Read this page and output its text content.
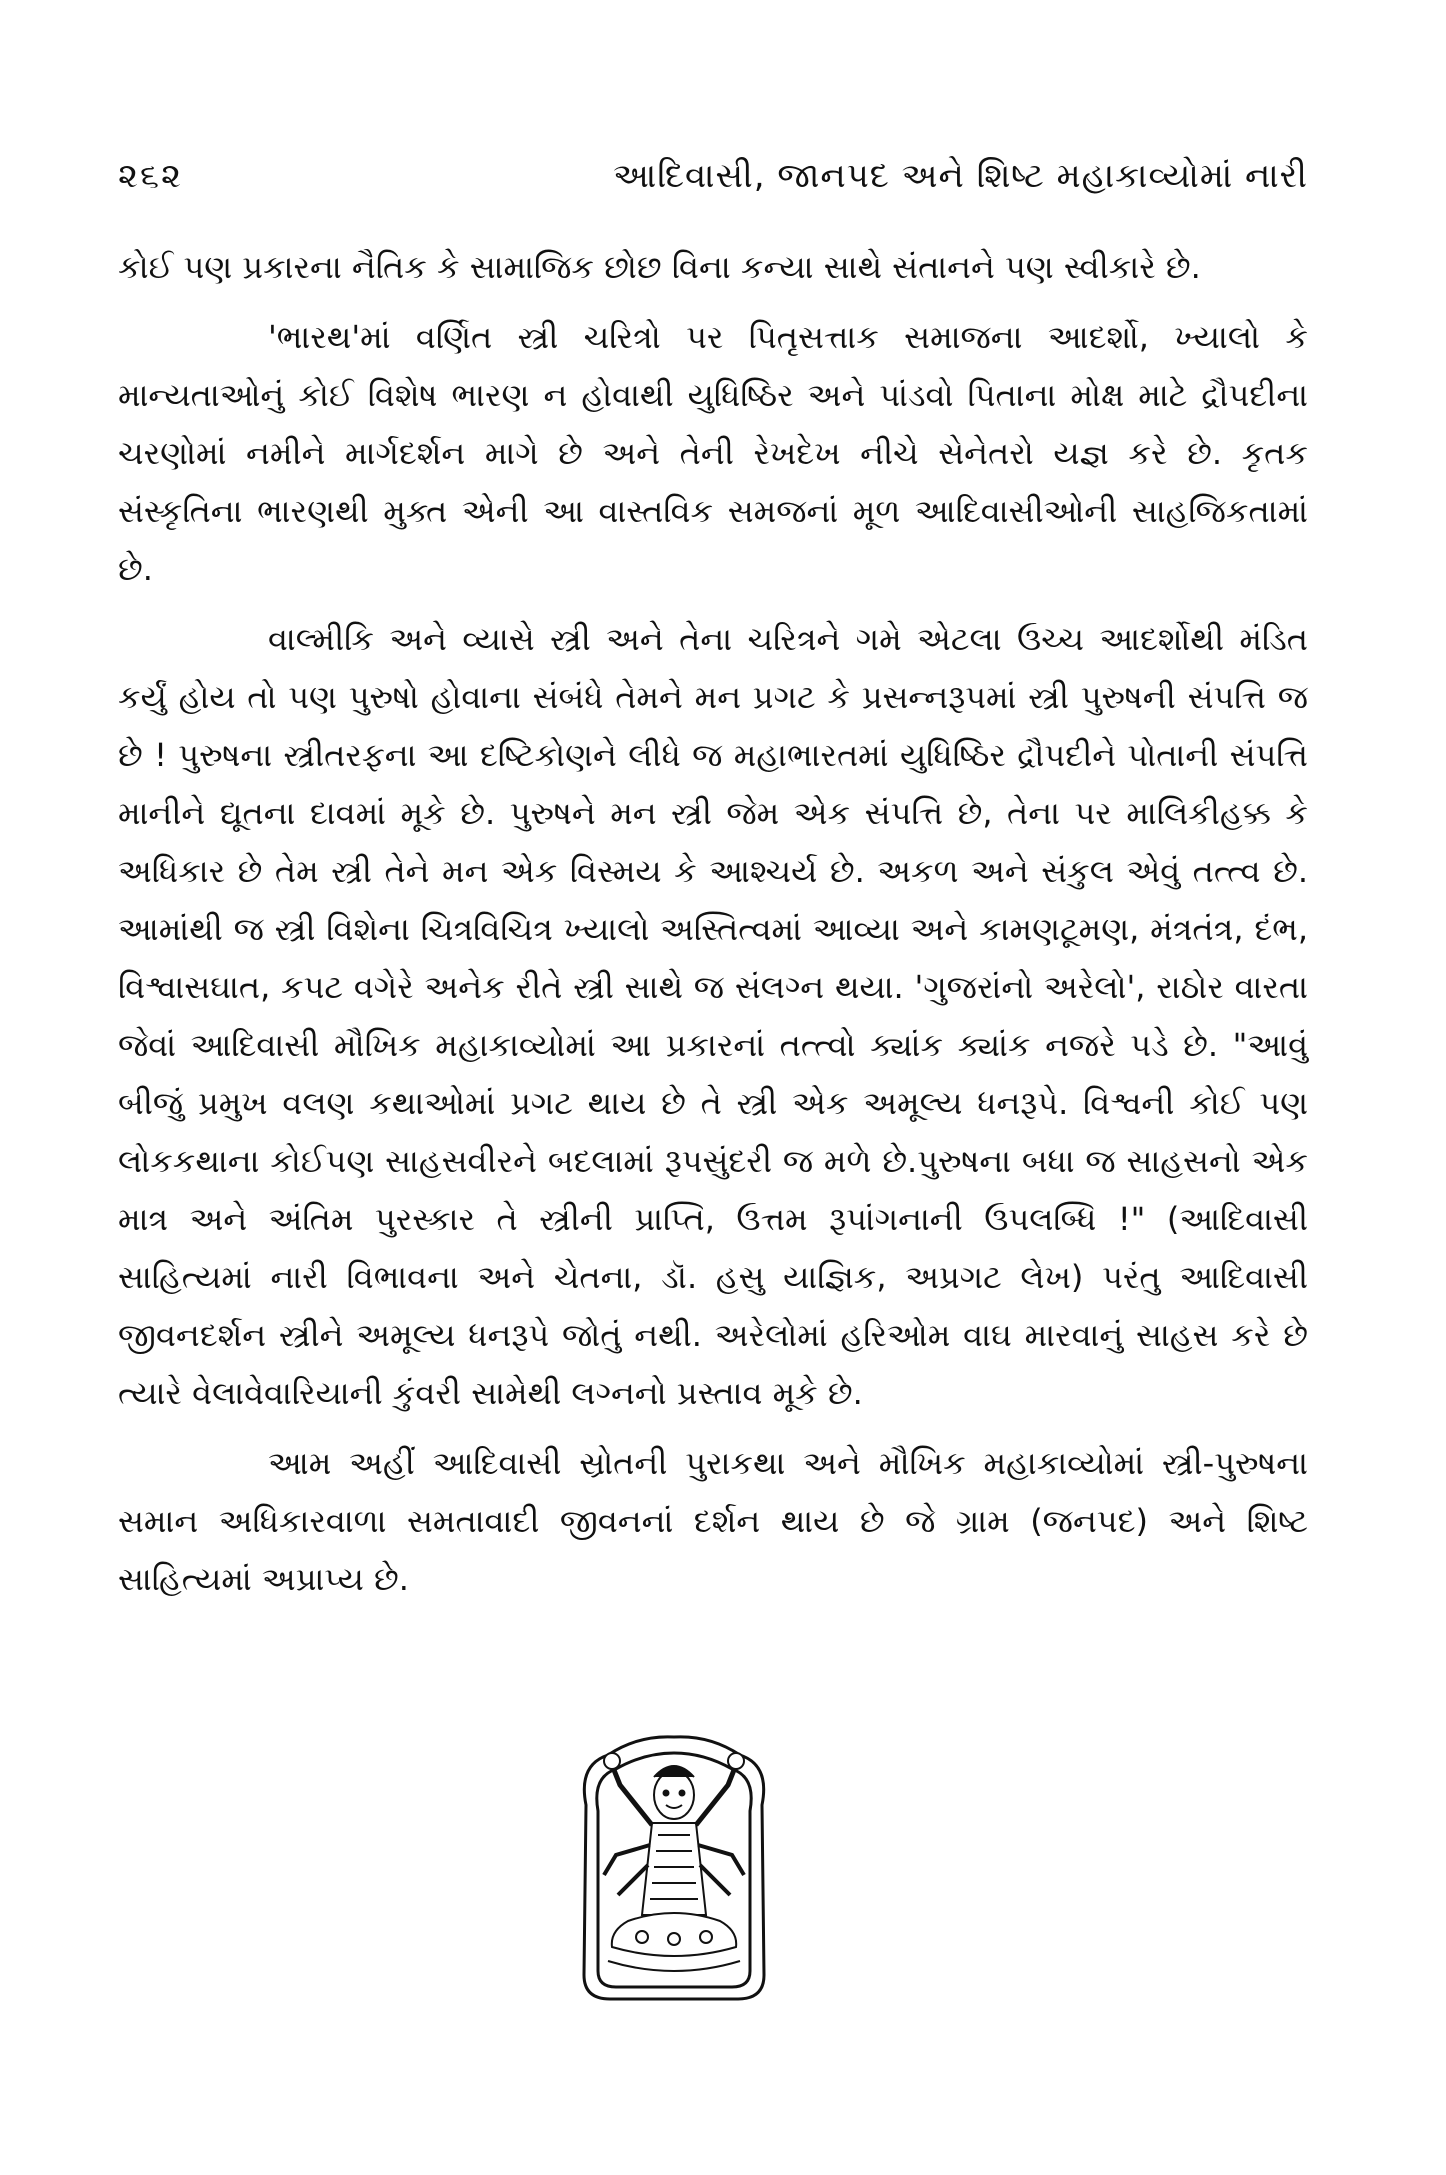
૨૬૨	આદિવાસી, જાનપદ અને શિષ્ટ મહાકાવ્યોમાં નારી

કોઈ પણ પ્રકારના નૈતિક કે સામાજિક છોછ વિના કન્યા સાથે સંતાનને પણ સ્વીકારે છે.

'ભારથ'માં વર્ણિત સ્ત્રી ચરિત્રો પર પિતૃસત્તાક સમાજના આદર્શો, ખ્યાલો કે માન્યતાઓનું કોઈ વિશેષ ભારણ ન હોવાથી યુધિષ્ઠિર અને પાંડવો પિતાના મોક્ષ માટે દ્રૌપદીના ચરણોમાં નમીને માર્ગદર્શન માગે છે અને તેની રેખદેખ નીચે સેનેતરો યજ્ઞ કરે છે. કૃતક સંસ્કૃતિના ભારણથી મુક્ત એની આ વાસ્તવિક સમજનાં મૂળ આદિવાસીઓની સાહજિકતામાં છે.

વાલ્મીકિ અને વ્યાસે સ્ત્રી અને તેના ચરિત્રને ગમે એટલા ઉચ્ચ આદર્શોથી મંડિત કર્યું હોય તો પણ પુરુષો હોવાના સંબંધે તેમને મન પ્રગટ કે પ્રસન્નરૂપમાં સ્ત્રી પુરુષની સંપત્તિ જ છે ! પુરુષના સ્ત્રીતરફના આ દષ્ટિકોણને લીધે જ મહાભારતમાં યુધિષ્ઠિર દ્રૌપદીને પોતાની સંપત્તિ માનીને દ્યૂતના દાવમાં મૂકે છે. પુરુષને મન સ્ત્રી જેમ એક સંપત્તિ છે, તેના પર માલિકીહક્ક કે અધિકાર છે તેમ સ્ત્રી તેને મન એક વિસ્મય કે આશ્ચર્ય છે. અકળ અને સંકુલ એવું તત્ત્વ છે. આમાંથી જ સ્ત્રી વિશેના ચિત્રવિચિત્ર ખ્યાલો અસ્તિત્વમાં આવ્યા અને કામણટૂમણ, મંત્રતંત્ર, દંભ, વિશ્વાસઘાત, કપટ વગેરે અનેક રીતે સ્ત્રી સાથે જ સંલગ્ન થયા. 'ગુજરાંનો અરેલો', રાઠોર વારતા જેવાં આદિવાસી મૌખિક મહાકાવ્યોમાં આ પ્રકારનાં તત્ત્વો ક્યાંક ક્યાંક નજરે પડે છે. "આવું બીજું પ્રમુખ વલણ કથાઓમાં પ્રગટ થાય છે તે સ્ત્રી એક અમૂલ્ય ધનરૂપે. વિશ્વની કોઈ પણ લોકકથાના કોઈપણ સાહસવીરને બદલામાં રૂપસુંદરી જ મળે છે.પુરુષના બધા જ સાહસનો એક માત્ર અને અંતિમ પુરસ્કાર તે સ્ત્રીની પ્રાપ્તિ, ઉત્તમ રૂપાંગનાની ઉપલબ્ધિ !" (આદિવાસી સાહિત્યમાં નારી વિભાવના અને ચેતના, ડૉ. હસુ યાજ્ઞિક, અપ્રગટ લેખ) પરંતુ આદિવાસી જીવનદર્શન સ્ત્રીને અમૂલ્ય ધનરૂપે જોતું નથી. અરેલોમાં હરિઓમ વાઘ મારવાનું સાહસ કરે છે ત્યારે વેલાવેવારિયાની કુંવરી સામેથી લગ્નનો પ્રસ્તાવ મૂકે છે.

આમ અહીં આદિવાસી સ્રોતની પુરાકથા અને મૌખિક મહાકાવ્યોમાં સ્ત્રી-પુરુષના સમાન અધિકારવાળા સમતાવાદી જીવનનાં દર્શન થાય છે જે ગ્રામ (જનપદ) અને શિષ્ટ સાહિત્યમાં અપ્રાપ્ય છે.
